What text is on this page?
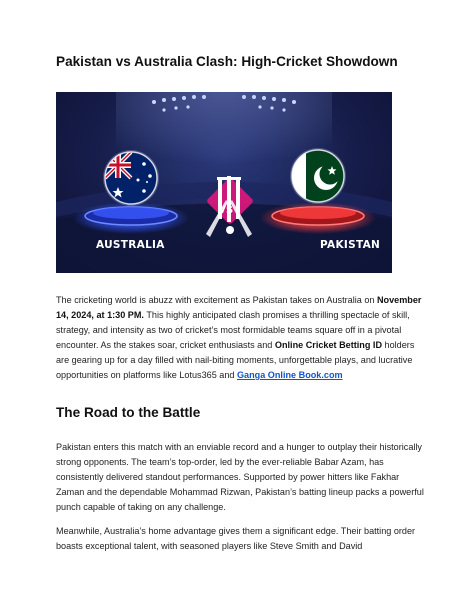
Pakistan vs Australia Clash: High-Cricket Showdown
AUSTRALIA
VS
PAKISTAN

The cricketing world is abuzz with excitement as Pakistan takes on Australia on November 14, 2024, at 1:30 PM. This highly anticipated clash promises a thrilling spectacle of skill, strategy, and intensity as two of cricket’s most formidable teams square off in a pivotal encounter. As the stakes soar, cricket enthusiasts and Online Cricket Betting ID holders are gearing up for a day filled with nail-biting moments, unforgettable plays, and lucrative opportunities on platforms like Lotus365 and Ganga Online Book.com

The Road to the Battle

Pakistan enters this match with an enviable record and a hunger to outplay their historically strong opponents. The team’s top-order, led by the ever-reliable Babar Azam, has consistently delivered standout performances. Supported by power hitters like Fakhar Zaman and the dependable Mohammad Rizwan, Pakistan’s batting lineup packs a powerful punch capable of taking on any challenge.

Meanwhile, Australia’s home advantage gives them a significant edge. Their batting order boasts exceptional talent, with seasoned players like Steve Smith and David
